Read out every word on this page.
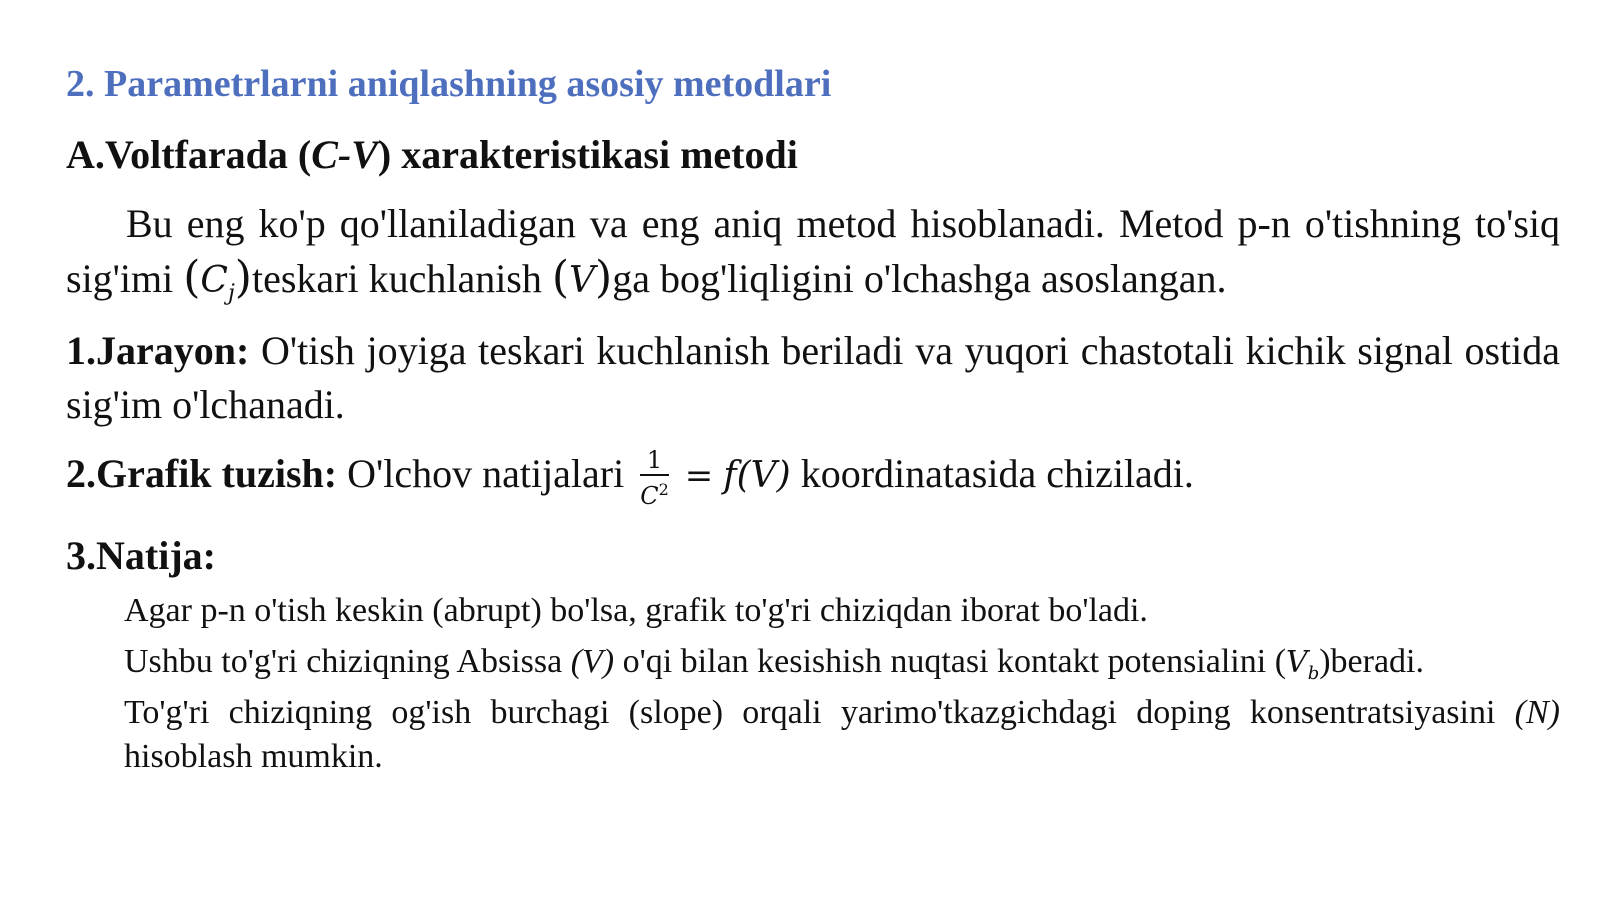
2. Parametrlarni aniqlashning asosiy metodlari
A.Voltfarada (C-V) xarakteristikasi metodi
Bu eng ko'p qo'llaniladigan va eng aniq metod hisoblanadi. Metod p-n o'tishning to'siq sig'imi $(C_j)teskari$ kuchlanish (V)ga bog'liqligini o'lchashga asoslangan.
1.Jarayon: O'tish joyiga teskari kuchlanish beriladi va yuqori chastotali kichik signal ostida sig'im o'lchanadi.
2.Grafik tuzish: O'lchov natijalari $\frac{1}{C^2} = f(V)$ koordinatasida chiziladi.
3.Natija:
Agar p-n o'tish keskin (abrupt) bo'lsa, grafik to'g'ri chiziqdan iborat bo'ladi.
Ushbu to'g'ri chiziqning Absissa (V) o'qi bilan kesishish nuqtasi kontakt potensialini $(V_b)beradi$.
To'g'ri chiziqning og'ish burchagi (slope) orqali yarimo'tkazgichdagi doping konsentratsiyasini (N) hisoblash mumkin.
